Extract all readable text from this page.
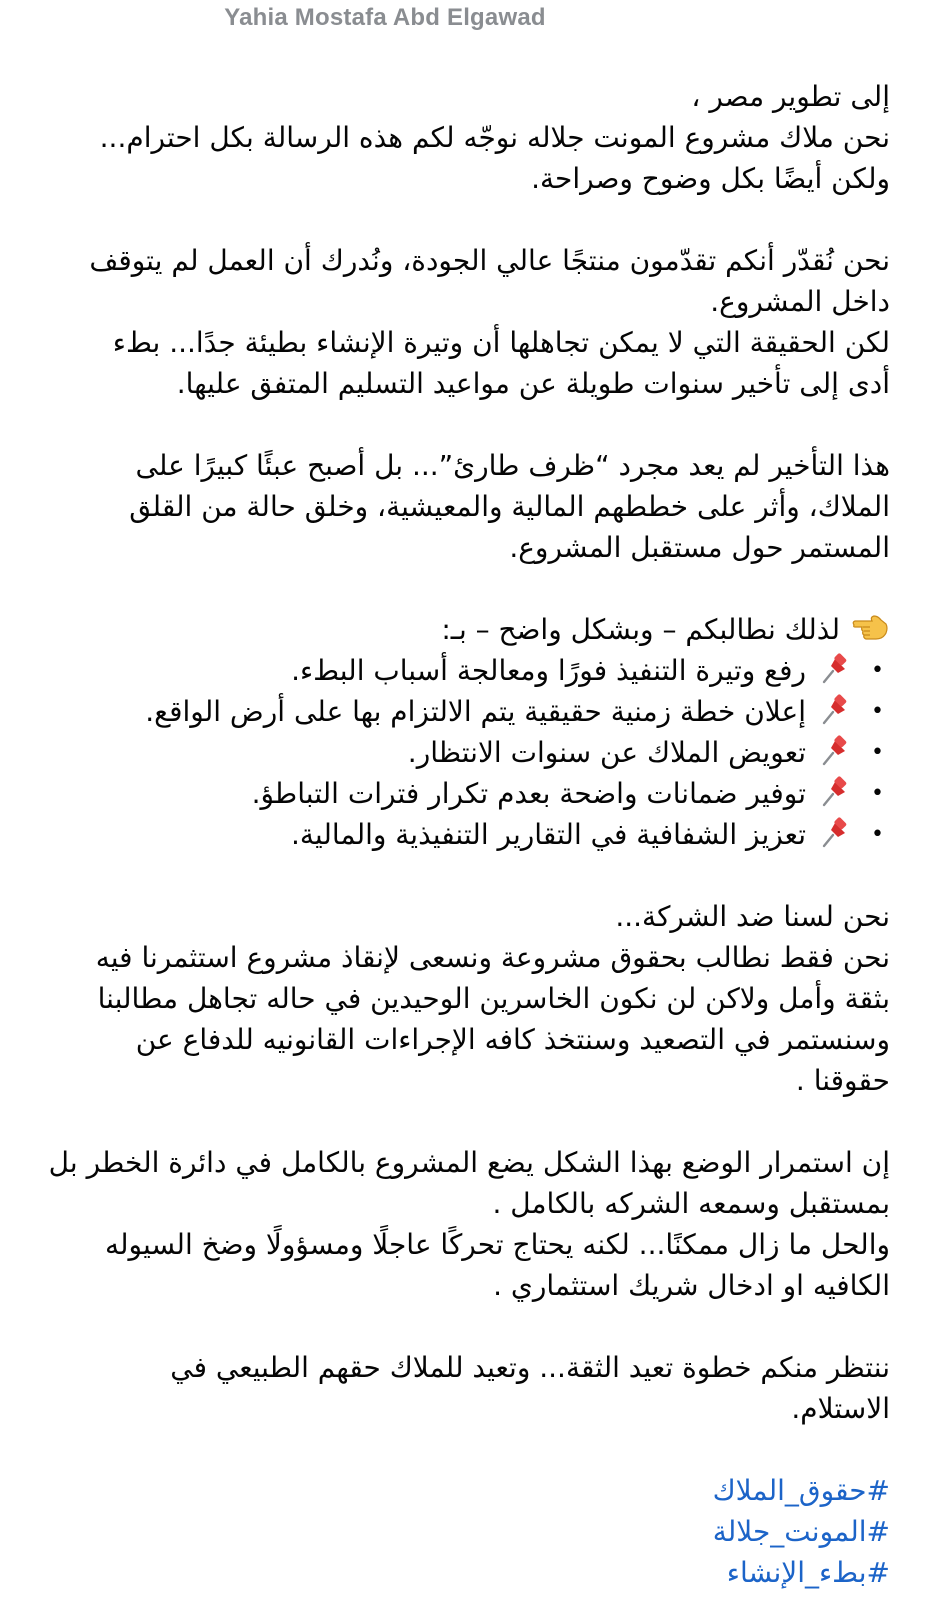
Yahia Mostafa Abd Elgawad
إلى تطوير مصر ،
نحن ملاك مشروع المونت جلاله نوجّه لكم هذه الرسالة بكل احترام...
ولكن أيضًا بكل وضوح وصراحة.
نحن نُقدّر أنكم تقدّمون منتجًا عالي الجودة، ونُدرك أن العمل لم يتوقف
داخل المشروع.
لكن الحقيقة التي لا يمكن تجاهلها أن وتيرة الإنشاء بطيئة جدًا... بطء
أدى إلى تأخير سنوات طويلة عن مواعيد التسليم المتفق عليها.
هذا التأخير لم يعد مجرد “ظرف طارئ”... بل أصبح عبئًا كبيرًا على
الملاك، وأثر على خططهم المالية والمعيشية، وخلق حالة من القلق
المستمر حول مستقبل المشروع.
لذلك نطالبكم – وبشكل واضح – بـ:
•
رفع وتيرة التنفيذ فورًا ومعالجة أسباب البطء.
•
إعلان خطة زمنية حقيقية يتم الالتزام بها على أرض الواقع.
•
تعويض الملاك عن سنوات الانتظار.
•
توفير ضمانات واضحة بعدم تكرار فترات التباطؤ.
•
تعزيز الشفافية في التقارير التنفيذية والمالية.
نحن لسنا ضد الشركة...
نحن فقط نطالب بحقوق مشروعة ونسعى لإنقاذ مشروع استثمرنا فيه
بثقة وأمل ولاكن لن نكون الخاسرين الوحيدين في حاله تجاهل مطالبنا
وسنستمر في التصعيد وسنتخذ كافه الإجراءات القانونيه للدفاع عن
حقوقنا .
إن استمرار الوضع بهذا الشكل يضع المشروع بالكامل في دائرة الخطر بل
بمستقبل وسمعه الشركه بالكامل .
والحل ما زال ممكنًا... لكنه يحتاج تحركًا عاجلًا ومسؤولًا وضخ السيوله
الكافيه او ادخال شريك استثماري .
ننتظر منكم خطوة تعيد الثقة... وتعيد للملاك حقهم الطبيعي في
الاستلام.
#حقوق_الملاك
#المونت_جلالة
#بطء_الإنشاء
